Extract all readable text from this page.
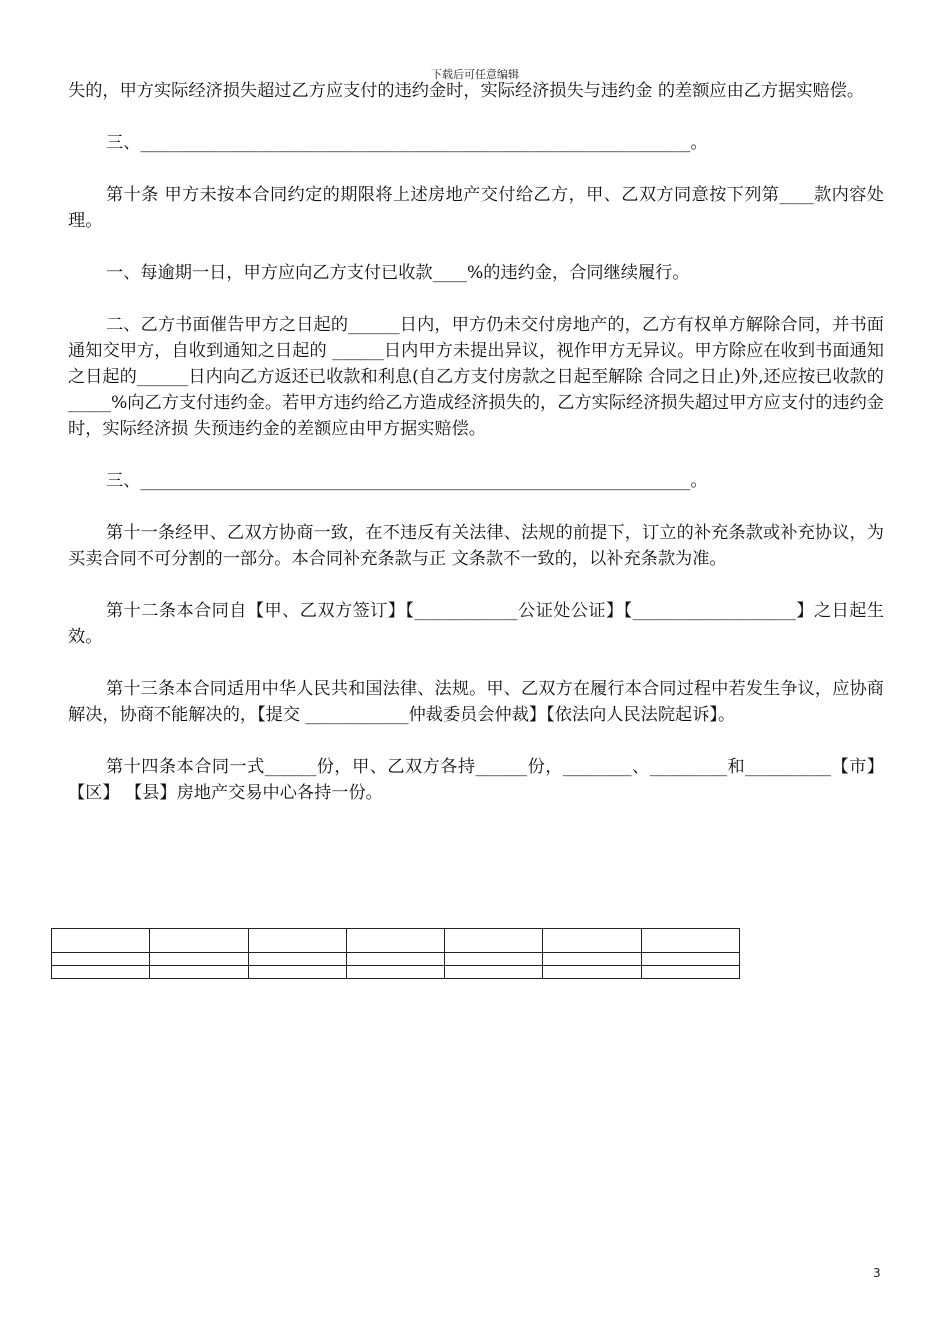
下载后可任意编辑

失的，甲方实际经济损失超过乙方应支付的违约金时，实际经济损失与违约金 的差额应由乙方据实赔偿。

三、________________________________________________________________。

第十条 甲方未按本合同约定的期限将上述房地产交付给乙方，甲、乙双方同意按下列第____款内容处理。

一、每逾期一日，甲方应向乙方支付已收款____%的违约金，合同继续履行。

二、乙方书面催告甲方之日起的______日内，甲方仍未交付房地产的，乙方有权单方解除合同，并书面通知交甲方，自收到通知之日起的 ______日内甲方未提出异议，视作甲方无异议。甲方除应在收到书面通知之日起的______日内向乙方返还已收款和利息(自乙方支付房款之日起至解除 合同之日止)外,还应按已收款的_____%向乙方支付违约金。若甲方违约给乙方造成经济损失的，乙方实际经济损失超过甲方应支付的违约金时，实际经济损 失预违约金的差额应由甲方据实赔偿。

三、________________________________________________________________。

第十一条经甲、乙双方协商一致，在不违反有关法律、法规的前提下，订立的补充条款或补充协议，为买卖合同不可分割的一部分。本合同补充条款与正 文条款不一致的，以补充条款为准。

第十二条本合同自【甲、乙双方签订】【____________公证处公证】【___________________】之日起生效。

第十三条本合同适用中华人民共和国法律、法规。甲、乙双方在履行本合同过程中若发生争议，应协商解决，协商不能解决的，【提交 ____________仲裁委员会仲裁】【依法向人民法院起诉】。

第十四条本合同一式______份，甲、乙双方各持______份，________、_________和__________【市】【区】 【县】房地产交易中心各持一份。

3
